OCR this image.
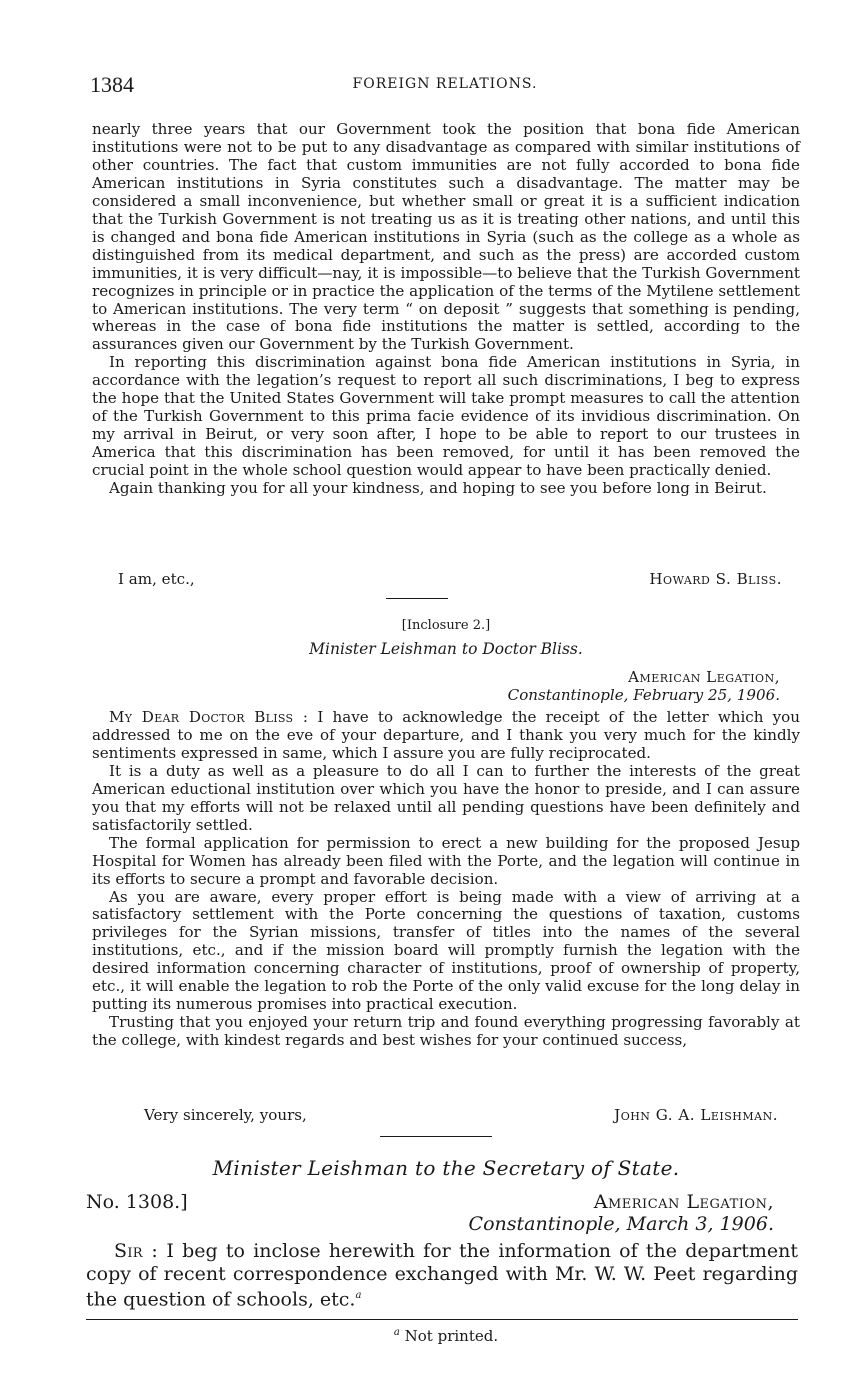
1384	FOREIGN RELATIONS.

nearly three years that our Government took the position that bona fide American institutions were not to be put to any disadvantage as compared with similar institutions of other countries. The fact that custom immunities are not fully accorded to bona fide American institutions in Syria constitutes such a disadvantage. The matter may be considered a small inconvenience, but whether small or great it is a sufficient indication that the Turkish Government is not treating us as it is treating other nations, and until this is changed and bona fide American institutions in Syria (such as the college as a whole as distinguished from its medical department, and such as the press) are accorded custom immunities, it is very difficult—nay, it is impossible—to believe that the Turkish Government recognizes in principle or in practice the application of the terms of the Mytilene settlement to American institutions. The very term “ on deposit ” suggests that something is pending, whereas in the case of bona fide institutions the matter is settled, according to the assurances given our Government by the Turkish Government.

In reporting this discrimination against bona fide American institutions in Syria, in accordance with the legation’s request to report all such discriminations, I beg to express the hope that the United States Government will take prompt measures to call the attention of the Turkish Government to this prima facie evidence of its invidious discrimination. On my arrival in Beirut, or very soon after, I hope to be able to report to our trustees in America that this discrimination has been removed, for until it has been removed the crucial point in the whole school question would appear to have been practically denied.

Again thanking you for all your kindness, and hoping to see you before long in Beirut.

I am, etc.,	Howard S. Bliss.
[Inclosure 2.]
Minister Leishman to Doctor Bliss.
American Legation,
Constantinople, February 25, 1906.

My Dear Doctor Bliss : I have to acknowledge the receipt of the letter which you addressed to me on the eve of your departure, and I thank you very much for the kindly sentiments expressed in same, which I assure you are fully reciprocated.

It is a duty as well as a pleasure to do all I can to further the interests of the great American eductional institution over which you have the honor to preside, and I can assure you that my efforts will not be relaxed until all pending questions have been definitely and satisfactorily settled.

The formal application for permission to erect a new building for the proposed Jesup Hospital for Women has already been filed with the Porte, and the legation will continue in its efforts to secure a prompt and favorable decision.

As you are aware, every proper effort is being made with a view of arriving at a satisfactory settlement with the Porte concerning the questions of taxation, customs privileges for the Syrian missions, transfer of titles into the names of the several institutions, etc., and if the mission board will promptly furnish the legation with the desired information concerning character of institutions, proof of ownership of property, etc., it will enable the legation to rob the Porte of the only valid excuse for the long delay in putting its numerous promises into practical execution.

Trusting that you enjoyed your return trip and found everything progressing favorably at the college, with kindest regards and best wishes for your continued success,

Very sincerely, yours,	John G. A. Leishman.
Minister Leishman to the Secretary of State.
No. 1308.]	American Legation,
Constantinople, March 3, 1906.

Sir : I beg to inclose herewith for the information of the department copy of recent correspondence exchanged with Mr. W. W. Peet regarding the question of schools, etc.$^a$

$^a$ Not printed.
